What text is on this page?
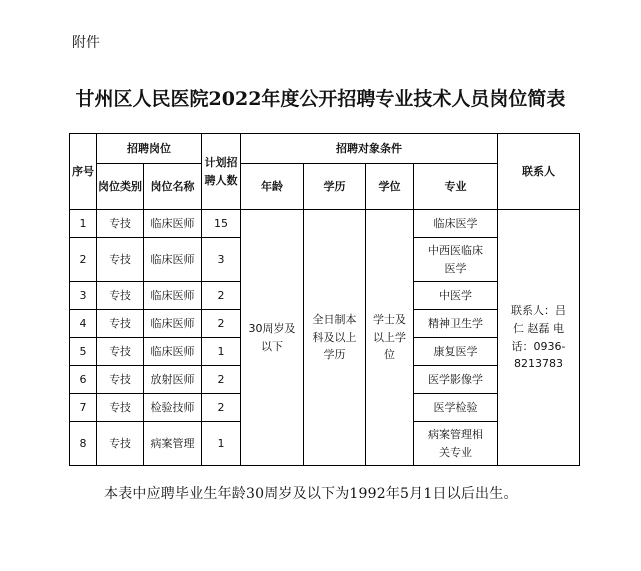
附件
甘州区人民医院2022年度公开招聘专业技术人员岗位简表
序号	招聘岗位		计划招聘人数	招聘对象条件				联系人
	岗位类别	岗位名称		年龄	学历	学位	专业	
1	专技	临床医师	15	30周岁及以下	全日制本科及以上学历	学士及以上学位	临床医学	联系人：吕仁 赵磊 电话：0936-8213783
2	专技	临床医师	3				中西医临床医学	
3	专技	临床医师	2				中医学	
4	专技	临床医师	2				精神卫生学	
5	专技	临床医师	1				康复医学	
6	专技	放射医师	2				医学影像学	
7	专技	检验技师	2				医学检验	
8	专技	病案管理	1				病案管理相关专业	
本表中应聘毕业生年龄30周岁及以下为1992年5月1日以后出生。
